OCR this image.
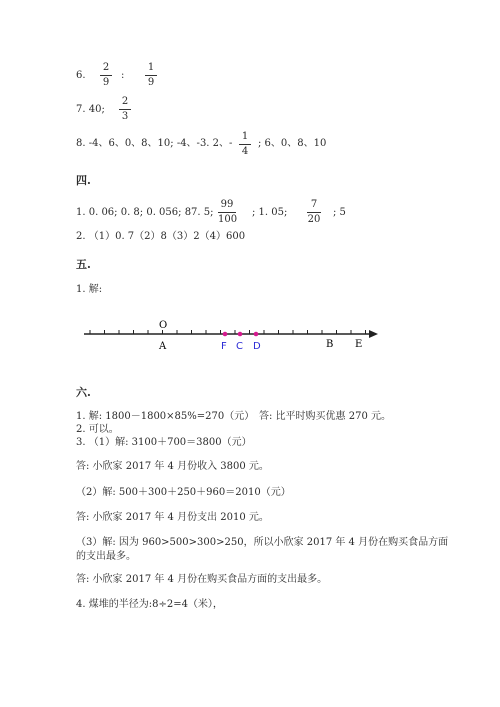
6.
2
9
:
1
9
7. 40;
2
3
8. -4、6、0、8、10; -4、-3. 2、-
1
4
; 6、0、8、10
四.
1. 0. 06; 0. 8; 0. 056; 87. 5;
99
100
; 1. 05;
7
20
; 5
2. （1）0. 7（2）8（3）2（4）600
五.
1. 解:
O
A	F C D	B E
六.
1. 解: 1800－1800×85%=270（元） 答: 比平时购买优惠 270 元。
2. 可以。
3. （1）解: 3100＋700＝3800（元）
答: 小欣家 2017 年 4 月份收入 3800 元。
（2）解: 500＋300＋250＋960＝2010（元）
答: 小欣家 2017 年 4 月份支出 2010 元。
（3）解: 因为 960>500>300>250，所以小欣家 2017 年 4 月份在购买食品方面
的支出最多。
答: 小欣家 2017 年 4 月份在购买食品方面的支出最多。
4. 煤堆的半径为:8÷2=4（米），
